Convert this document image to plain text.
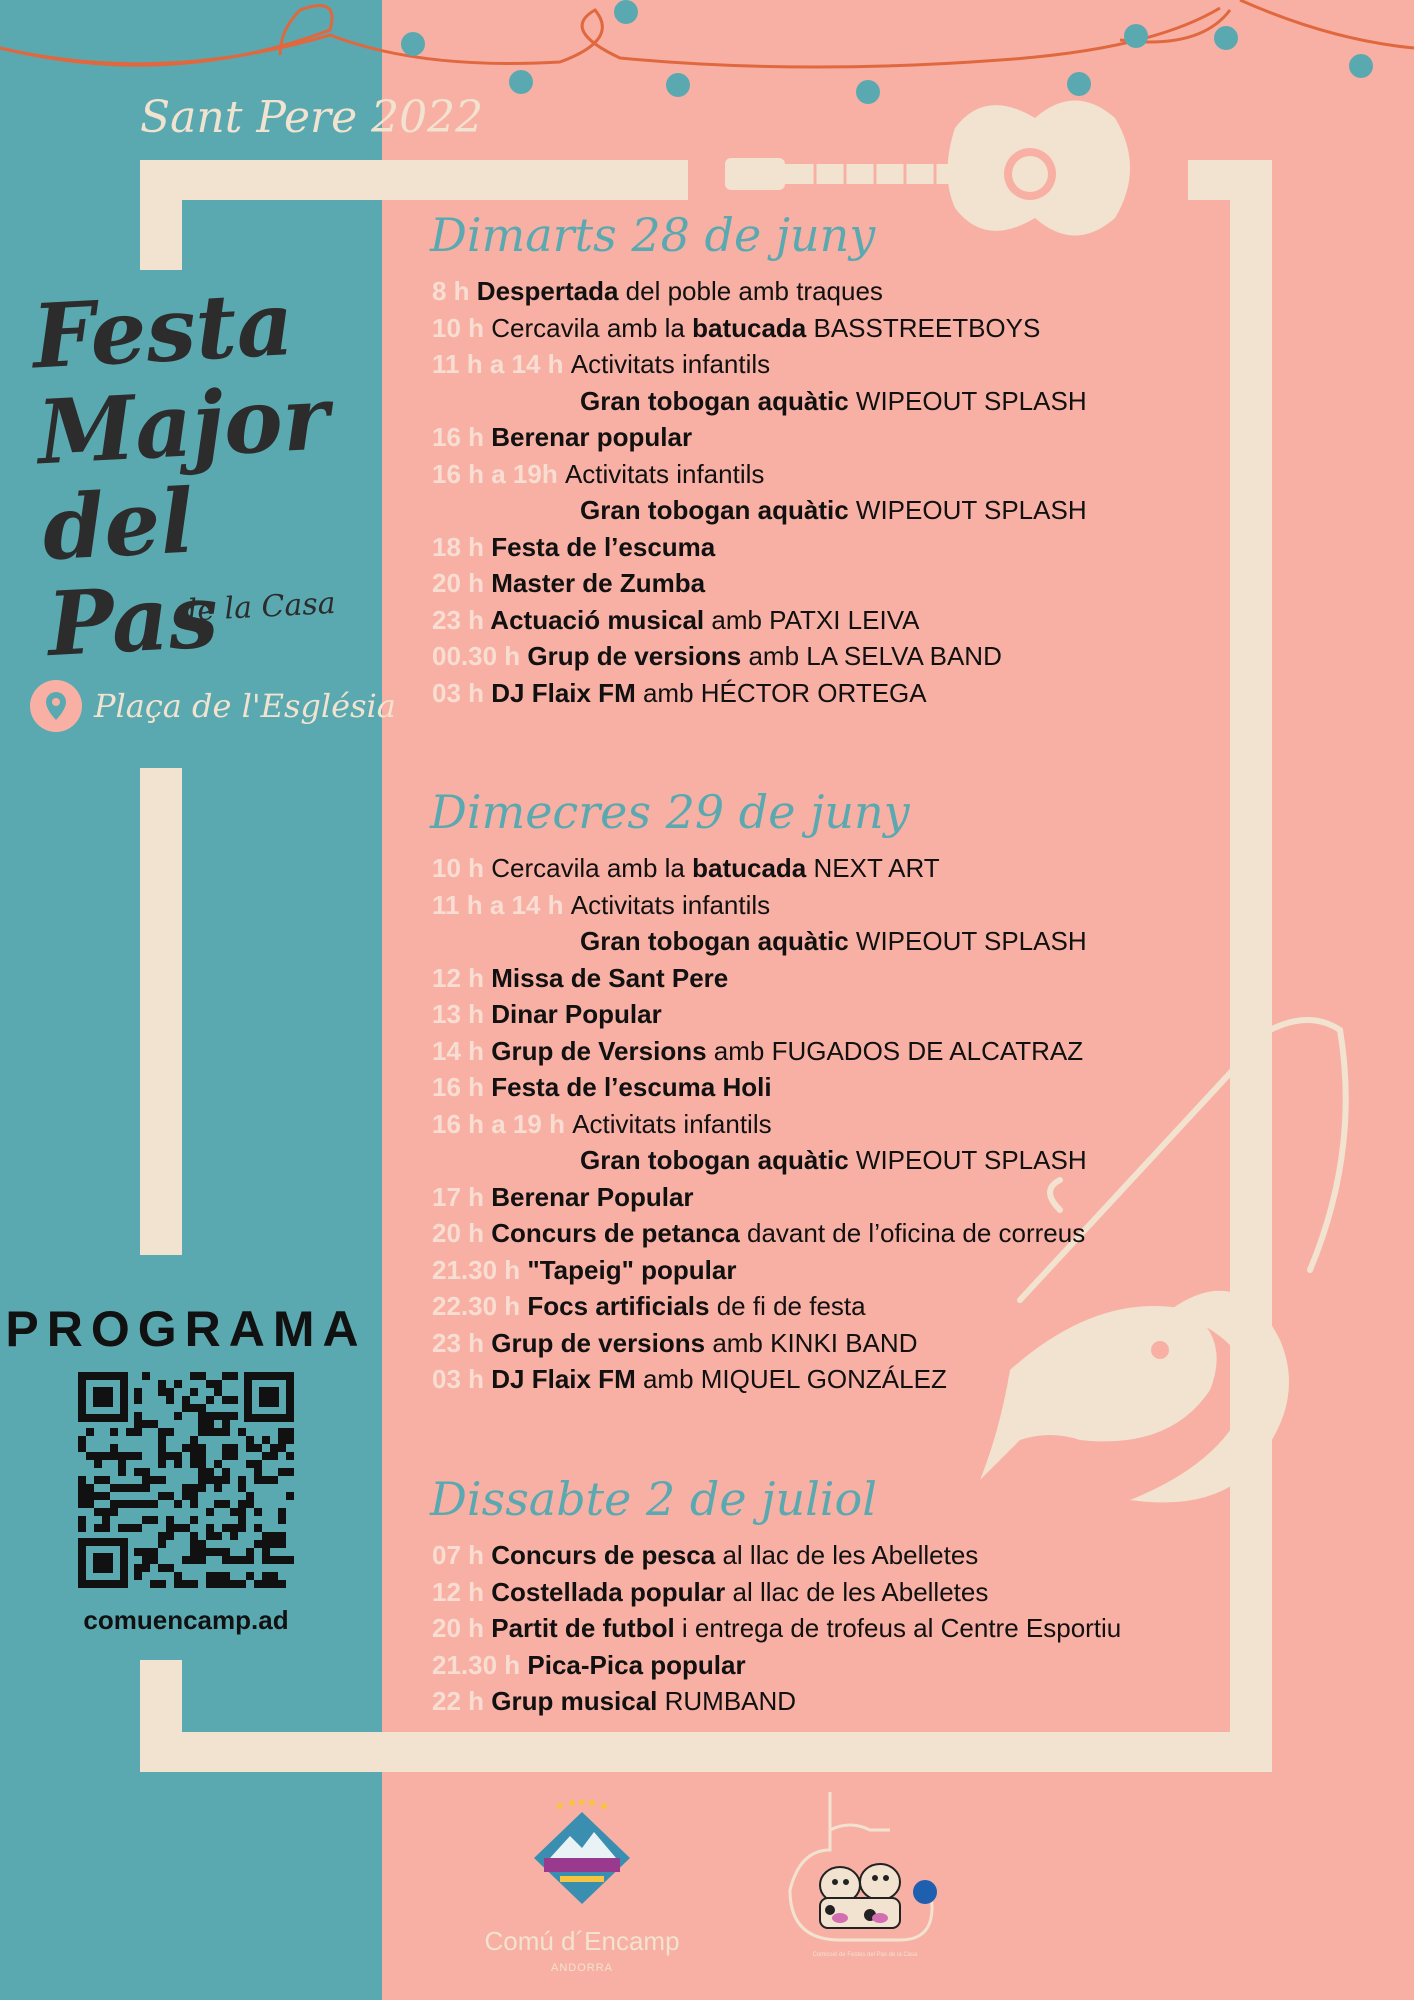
Sant Pere 2022
Festa
Major
del Pas
de la Casa
Plaça de l'Església
PROGRAMA
comuencamp.ad
Dimarts 28 de juny
8 h Despertada del poble amb traques
10 h Cercavila amb la batucada BASSTREETBOYS
11 h a 14 h Activitats infantils
Gran tobogan aquàtic WIPEOUT SPLASH
16 h Berenar popular
16 h a 19h Activitats infantils
Gran tobogan aquàtic WIPEOUT SPLASH
18 h Festa de l’escuma
20 h Master de Zumba
23 h Actuació musical amb PATXI LEIVA
00.30 h Grup de versions amb LA SELVA BAND
03 h DJ Flaix FM amb HÉCTOR ORTEGA
Dimecres 29 de juny
10 h Cercavila amb la batucada NEXT ART
11 h a 14 h Activitats infantils
Gran tobogan aquàtic WIPEOUT SPLASH
12 h Missa de Sant Pere
13 h Dinar Popular
14 h Grup de Versions amb FUGADOS DE ALCATRAZ
16 h Festa de l’escuma Holi
16 h a 19 h Activitats infantils
Gran tobogan aquàtic WIPEOUT SPLASH
17 h Berenar Popular
20 h Concurs de petanca davant de l’oficina de correus
21.30 h "Tapeig" popular
22.30 h Focs artificials de fi de festa
23 h Grup de versions amb KINKI BAND
03 h DJ Flaix FM amb MIQUEL GONZÁLEZ
Dissabte 2 de juliol
07 h Concurs de pesca al llac de les Abelletes
12 h Costellada popular al llac de les Abelletes
20 h Partit de futbol i entrega de trofeus al Centre Esportiu
21.30 h Pica-Pica popular
22 h Grup musical RUMBAND
Comú d´Encamp
ANDORRA
Comissió de Festes del Pas de la Casa
